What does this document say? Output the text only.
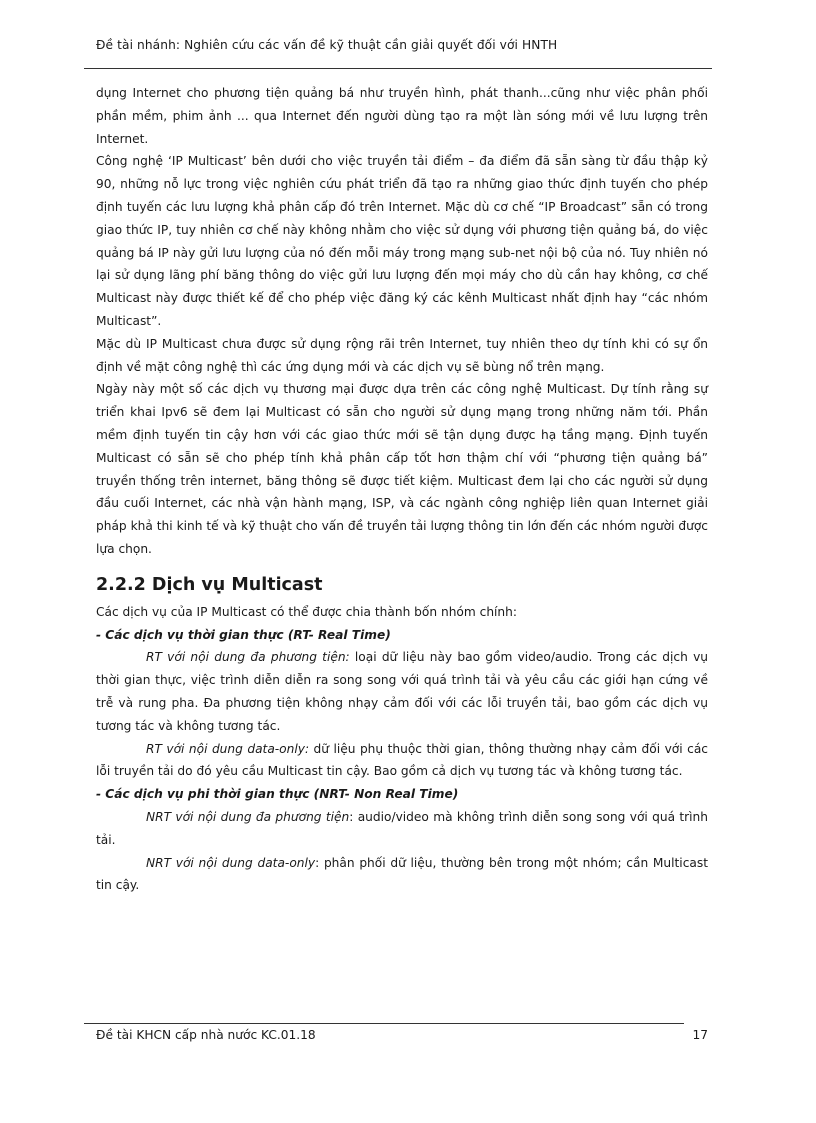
Đề tài nhánh: Nghiên cứu các vấn đề kỹ thuật cần giải quyết đối với HNTH

dụng Internet cho phương tiện quảng bá như truyền hình, phát thanh...cũng như việc phân phối phần mềm, phim ảnh ... qua Internet đến người dùng tạo ra một làn sóng mới về lưu lượng trên Internet.

Công nghệ ‘IP Multicast’ bên dưới cho việc truyền tải điểm – đa điểm đã sẵn sàng từ đầu thập kỷ 90, những nỗ lực trong việc nghiên cứu phát triển đã tạo ra những giao thức định tuyến cho phép định tuyến các lưu lượng khả phân cấp đó trên Internet. Mặc dù cơ chế “IP Broadcast” sẵn có trong giao thức IP, tuy nhiên cơ chế này không nhằm cho việc sử dụng với phương tiện quảng bá, do việc quảng bá IP này gửi lưu lượng của nó đến mỗi máy trong mạng sub-net nội bộ của nó. Tuy nhiên nó lại sử dụng lãng phí băng thông do việc gửi lưu lượng đến mọi máy cho dù cần hay không, cơ chế Multicast này được thiết kế để cho phép việc đăng ký các kênh Multicast nhất định hay “các nhóm Multicast”.

Mặc dù IP Multicast chưa được sử dụng rộng rãi trên Internet, tuy nhiên theo dự tính khi có sự ổn định về mặt công nghệ thì các ứng dụng mới và các dịch vụ sẽ bùng nổ trên mạng.

Ngày này một số các dịch vụ thương mại được dựa trên các công nghệ Multicast. Dự tính rằng sự triển khai Ipv6 sẽ đem lại Multicast có sẵn cho người sử dụng mạng trong những năm tới. Phần mềm định tuyến tin cậy hơn với các giao thức mới sẽ tận dụng được hạ tầng mạng. Định tuyến Multicast có sẵn sẽ cho phép tính khả phân cấp tốt hơn thậm chí với “phương tiện quảng bá” truyền thống trên internet, băng thông sẽ được tiết kiệm. Multicast đem lại cho các người sử dụng đầu cuối Internet, các nhà vận hành mạng, ISP, và các ngành công nghiệp liên quan Internet giải pháp khả thi kinh tế và kỹ thuật cho vấn đề truyền tải lượng thông tin lớn đến các nhóm người được lựa chọn.

2.2.2 Dịch vụ Multicast

Các dịch vụ của IP Multicast có thể được chia thành bốn nhóm chính:

- Các dịch vụ thời gian thực (RT- Real Time)

RT với nội dung đa phương tiện: loại dữ liệu này bao gồm video/audio. Trong các dịch vụ thời gian thực, việc trình diễn diễn ra song song với quá trình tải và yêu cầu các giới hạn cứng về trễ và rung pha. Đa phương tiện không nhạy cảm đối với các lỗi truyền tải, bao gồm các dịch vụ tương tác và không tương tác.

RT với nội dung data-only: dữ liệu phụ thuộc thời gian, thông thường nhạy cảm đối với các lỗi truyền tải do đó yêu cầu Multicast tin cậy. Bao gồm cả dịch vụ tương tác và không tương tác.

- Các dịch vụ phi thời gian thực (NRT- Non Real Time)

NRT với nội dung đa phương tiện: audio/video mà không trình diễn song song với quá trình tải.

NRT với nội dung data-only: phân phối dữ liệu, thường bên trong một nhóm; cần Multicast tin cậy.

Đề tài KHCN cấp nhà nước KC.01.18	17
